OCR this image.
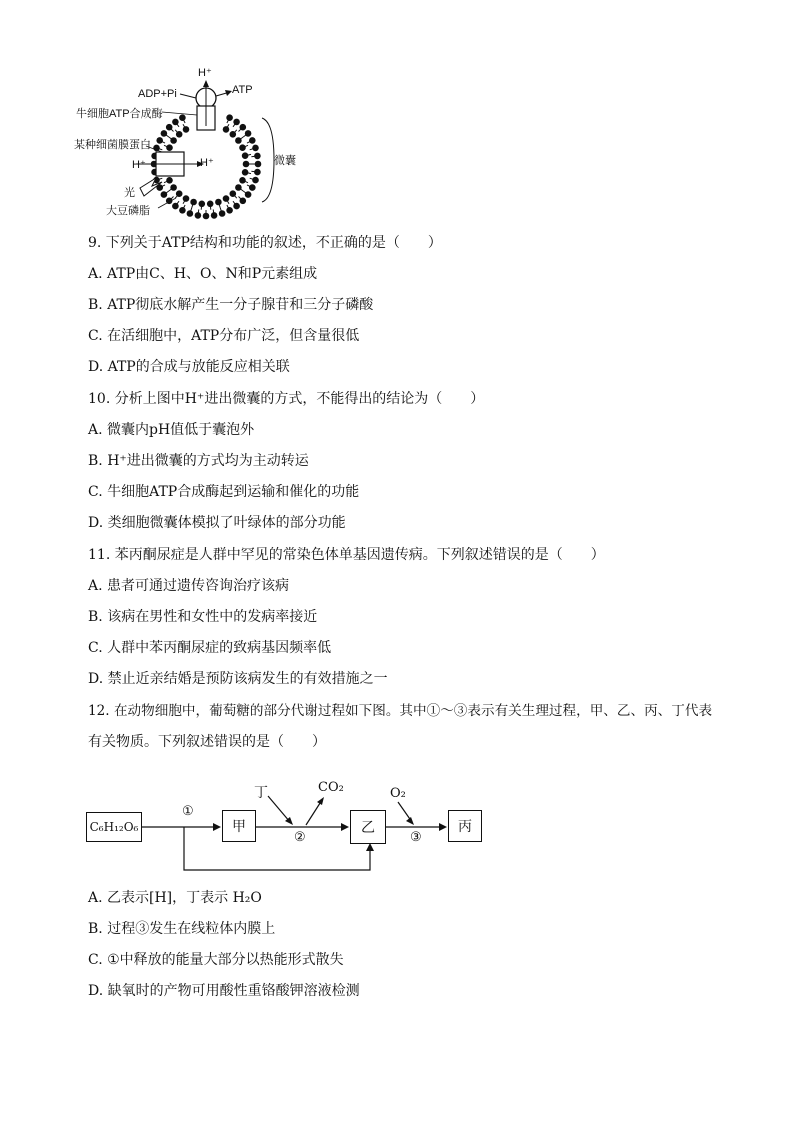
H⁺
ADP+Pi	ATP
牛细胞ATP合成酶
某种细菌膜蛋白
H⁺	H⁺
光
大豆磷脂
微囊
9. 下列关于ATP结构和功能的叙述，不正确的是（　　）
A. ATP由C、H、O、N和P元素组成
B. ATP彻底水解产生一分子腺苷和三分子磷酸
C. 在活细胞中，ATP分布广泛，但含量很低
D. ATP的合成与放能反应相关联
10. 分析上图中H⁺进出微囊的方式，不能得出的结论为（　　）
A. 微囊内pH值低于囊泡外
B. H⁺进出微囊的方式均为主动转运
C. 牛细胞ATP合成酶起到运输和催化的功能
D. 类细胞微囊体模拟了叶绿体的部分功能
11. 苯丙酮尿症是人群中罕见的常染色体单基因遗传病。下列叙述错误的是（　　）
A. 患者可通过遗传咨询治疗该病
B. 该病在男性和女性中的发病率接近
C. 人群中苯丙酮尿症的致病基因频率低
D. 禁止近亲结婚是预防该病发生的有效措施之一
12. 在动物细胞中，葡萄糖的部分代谢过程如下图。其中①～③表示有关生理过程，甲、乙、丙、丁代表
有关物质。下列叙述错误的是（　　）
C₆H₁₂O₆	甲	乙	丙
丁	CO₂	O₂
①
②	③
A. 乙表示[H]，丁表示 H₂O
B. 过程③发生在线粒体内膜上
C. ①中释放的能量大部分以热能形式散失
D. 缺氧时的产物可用酸性重铬酸钾溶液检测
